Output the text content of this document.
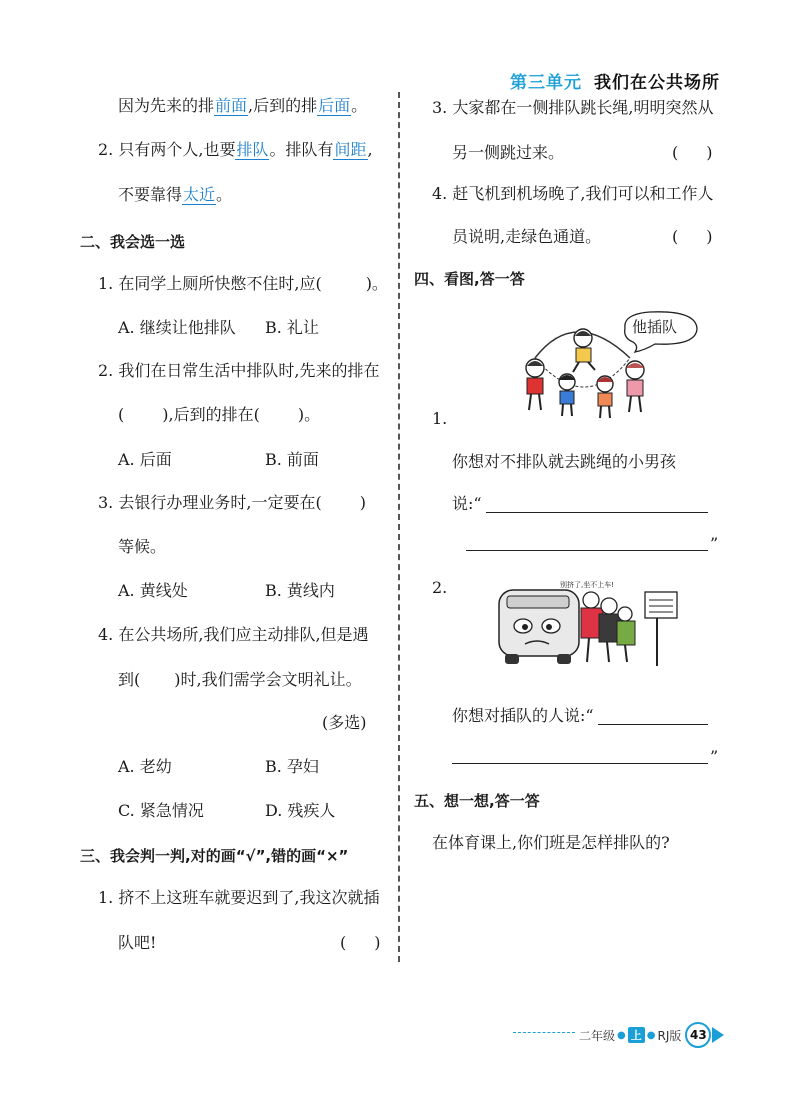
第三单元 我们在公共场所
因为先来的排前面,后到的排后面。
2. 只有两个人,也要排队。排队有间距,
不要靠得太近。
二、我会选一选
1. 在同学上厕所快憋不住时,应(	)。
A. 继续让他排队 B. 礼让
2. 我们在日常生活中排队时,先来的排在
( ),后到的排在( )。
A. 后面	B. 前面
3. 去银行办理业务时,一定要在( )
等候。
A. 黄线处	B. 黄线内
4. 在公共场所,我们应主动排队,但是遇
到( )时,我们需学会文明礼让。
(多选)
A. 老幼	B. 孕妇
C. 紧急情况	D. 残疾人
三、我会判一判,对的画“√”,错的画“×”
1. 挤不上这班车就要迟到了,我这次就插
队吧!	( )
3. 大家都在一侧排队跳长绳,明明突然从
另一侧跳过来。	( )
4. 赶飞机到机场晚了,我们可以和工作人
员说明,走绿色通道。	( )
四、看图,答一答
他插队
1.
你想对不排队就去跳绳的小男孩
说:“
”
2.	别挤了,坐不上车!
你想对插队的人说:“
”
五、想一想,答一答
在体育课上,你们班是怎样排队的?
二年级 ● 上 ● RJ版 43
